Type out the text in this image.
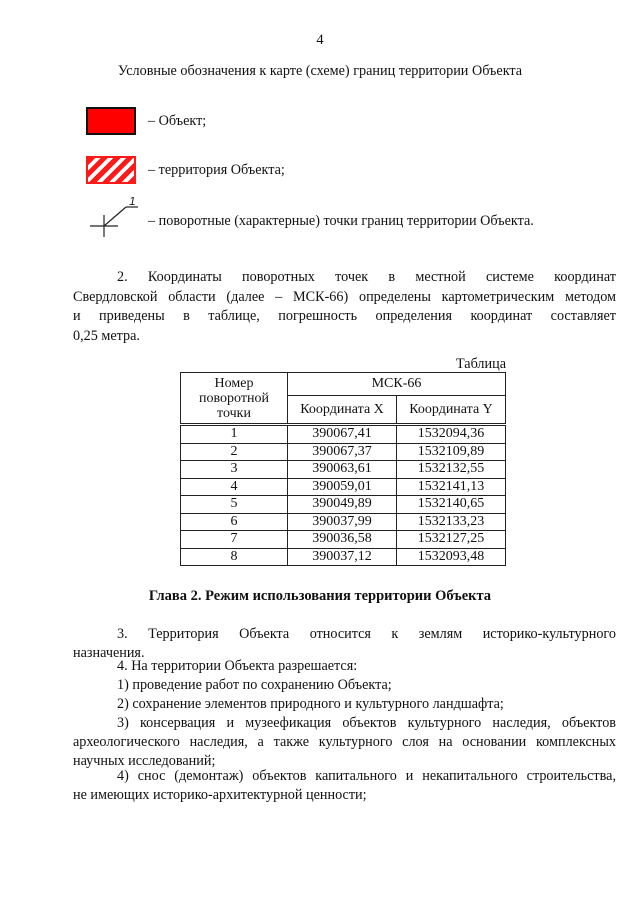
4
Условные обозначения к карте (схеме) границ территории Объекта
– Объект;
– территория Объекта;
1
– поворотные (характерные) точки границ территории Объекта.
2. Координаты поворотных точек в местной системе координат
Свердловской области (далее – МСК-66) определены картометрическим методом
и приведены в таблице, погрешность определения координат составляет
0,25 метра.
Таблица
Номер поворотной точки	МСК-66	
	Координата X	Координата Y
1	390067,41	1532094,36
2	390067,37	1532109,89
3	390063,61	1532132,55
4	390059,01	1532141,13
5	390049,89	1532140,65
6	390037,99	1532133,23
7	390036,58	1532127,25
8	390037,12	1532093,48
Глава 2. Режим использования территории Объекта
3. Территория Объекта относится к землям историко-культурного
назначения.
4. На территории Объекта разрешается:
1) проведение работ по сохранению Объекта;
2) сохранение элементов природного и культурного ландшафта;
3) консервация и музеефикация объектов культурного наследия, объектов
археологического наследия, а также культурного слоя на основании комплексных
научных исследований;
4) снос (демонтаж) объектов капитального и некапитального строительства,
не имеющих историко-архитектурной ценности;
